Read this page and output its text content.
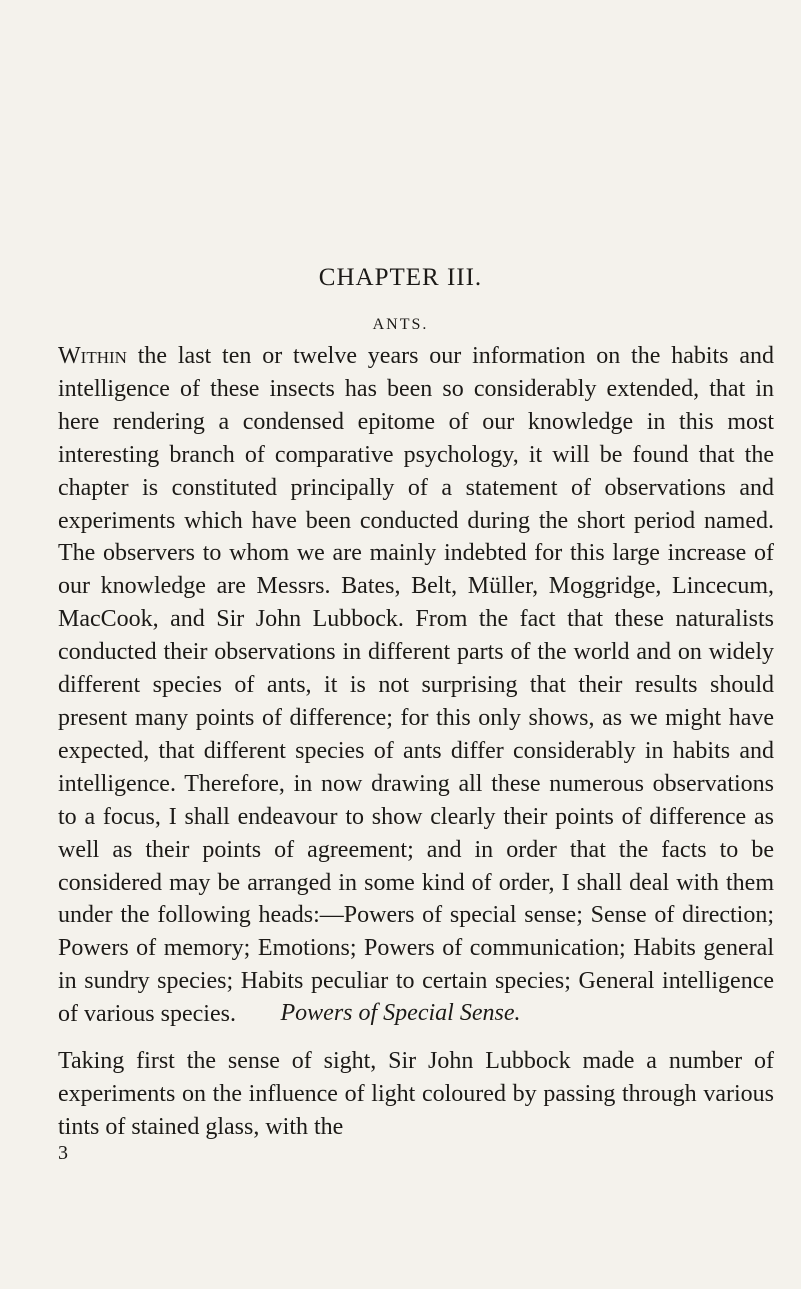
CHAPTER III.
ANTS.

Within the last ten or twelve years our information on the habits and intelligence of these insects has been so considerably extended, that in here rendering a condensed epitome of our knowledge in this most interesting branch of comparative psychology, it will be found that the chapter is constituted principally of a statement of observations and experiments which have been conducted during the short period named. The observers to whom we are mainly indebted for this large increase of our knowledge are Messrs. Bates, Belt, Müller, Moggridge, Lincecum, MacCook, and Sir John Lubbock. From the fact that these naturalists conducted their observations in different parts of the world and on widely different species of ants, it is not surprising that their results should present many points of difference; for this only shows, as we might have expected, that different species of ants differ considerably in habits and intelligence. Therefore, in now drawing all these numerous observations to a focus, I shall endeavour to show clearly their points of difference as well as their points of agreement; and in order that the facts to be considered may be arranged in some kind of order, I shall deal with them under the following heads:—Powers of special sense; Sense of direction; Powers of memory; Emotions; Powers of communication; Habits general in sundry species; Habits peculiar to certain species; General intelligence of various species.	Powers of Special Sense.

Taking first the sense of sight, Sir John Lubbock made a number of experiments on the influence of light coloured by passing through various tints of stained glass, with the

3
